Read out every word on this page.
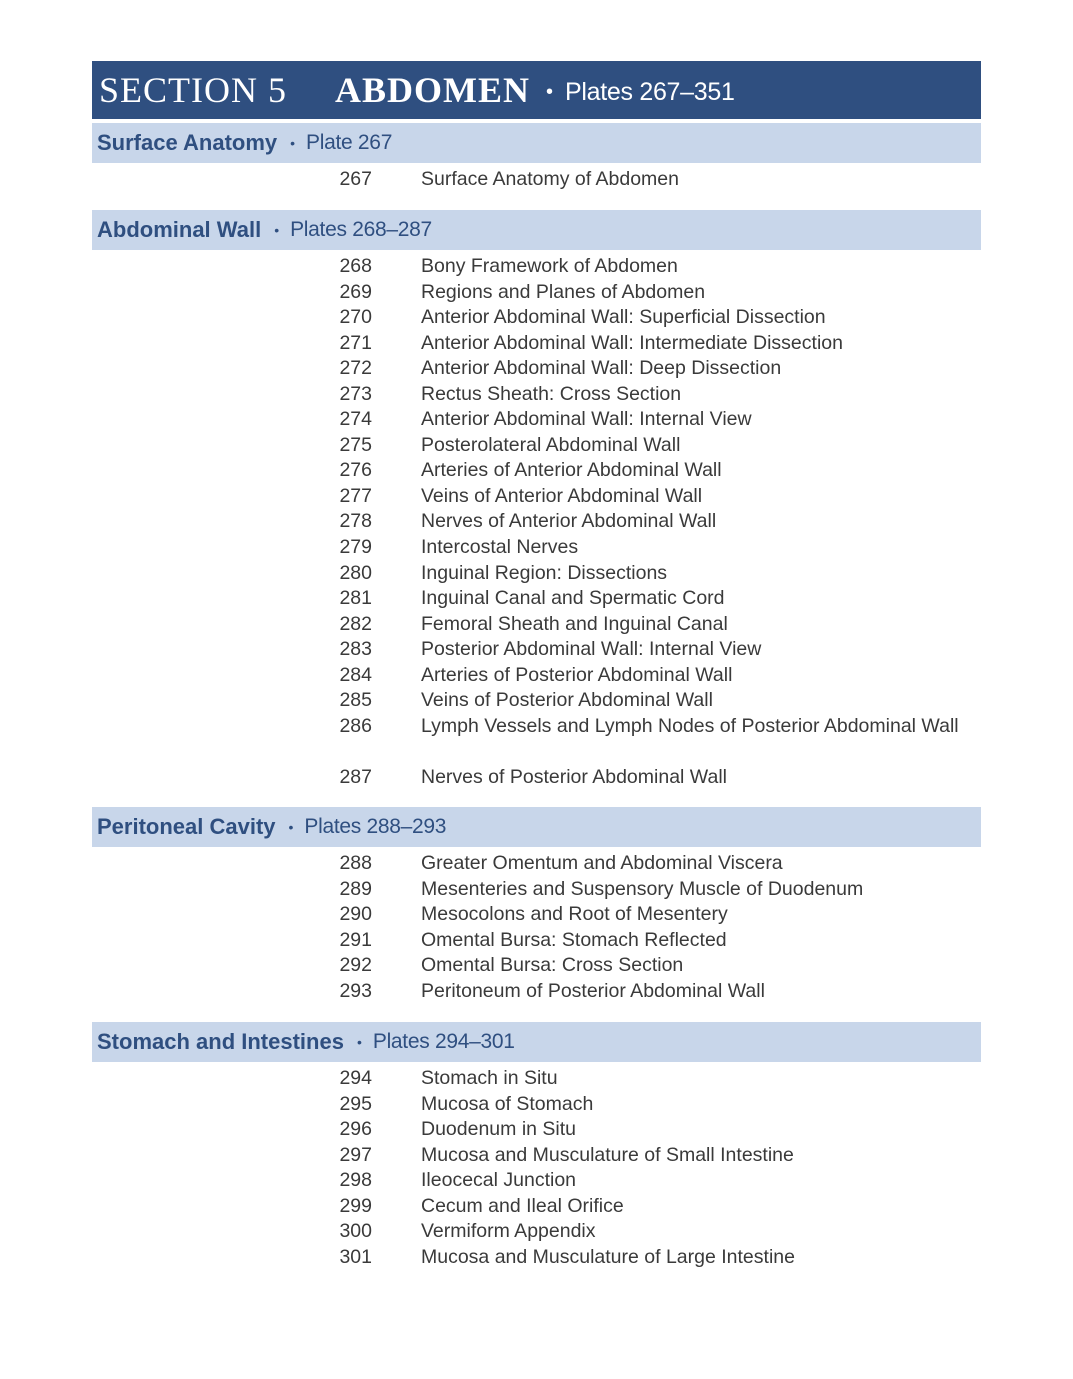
SECTION 5 ABDOMEN • Plates 267–351
Surface Anatomy • Plate 267
267	Surface Anatomy of Abdomen
Abdominal Wall • Plates 268–287
268	Bony Framework of Abdomen
269	Regions and Planes of Abdomen
270	Anterior Abdominal Wall: Superficial Dissection
271	Anterior Abdominal Wall: Intermediate Dissection
272	Anterior Abdominal Wall: Deep Dissection
273	Rectus Sheath: Cross Section
274	Anterior Abdominal Wall: Internal View
275	Posterolateral Abdominal Wall
276	Arteries of Anterior Abdominal Wall
277	Veins of Anterior Abdominal Wall
278	Nerves of Anterior Abdominal Wall
279	Intercostal Nerves
280	Inguinal Region: Dissections
281	Inguinal Canal and Spermatic Cord
282	Femoral Sheath and Inguinal Canal
283	Posterior Abdominal Wall: Internal View
284	Arteries of Posterior Abdominal Wall
285	Veins of Posterior Abdominal Wall
286	Lymph Vessels and Lymph Nodes of Posterior Abdominal Wall
287	Nerves of Posterior Abdominal Wall
Peritoneal Cavity • Plates 288–293
288	Greater Omentum and Abdominal Viscera
289	Mesenteries and Suspensory Muscle of Duodenum
290	Mesocolons and Root of Mesentery
291	Omental Bursa: Stomach Reflected
292	Omental Bursa: Cross Section
293	Peritoneum of Posterior Abdominal Wall
Stomach and Intestines • Plates 294–301
294	Stomach in Situ
295	Mucosa of Stomach
296	Duodenum in Situ
297	Mucosa and Musculature of Small Intestine
298	Ileocecal Junction
299	Cecum and Ileal Orifice
300	Vermiform Appendix
301	Mucosa and Musculature of Large Intestine
